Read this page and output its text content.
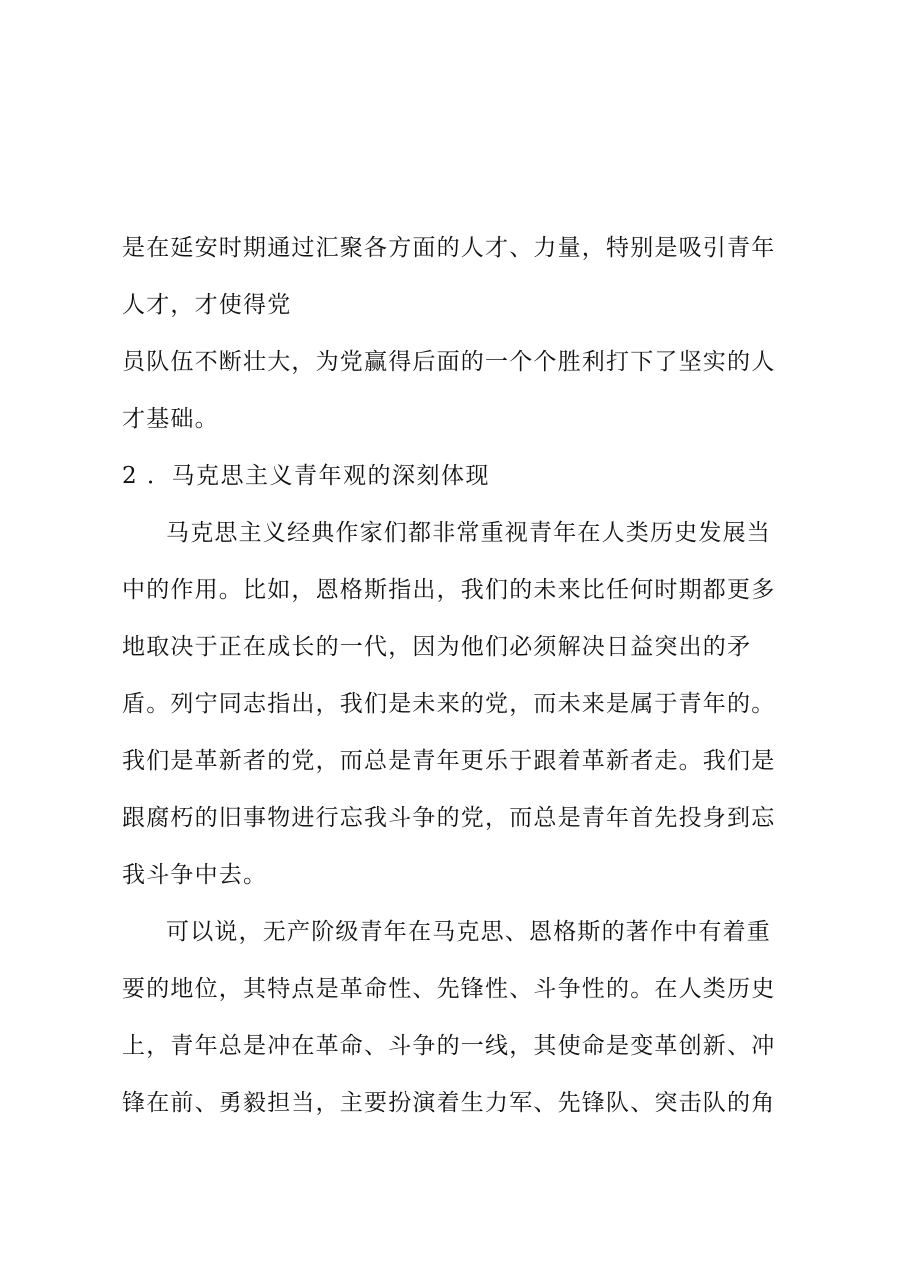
是在延安时期通过汇聚各方面的人才、力量，特别是吸引青年
人才，才使得党
员队伍不断壮大，为党赢得后面的一个个胜利打下了坚实的人
才基础。
2 ．马克思主义青年观的深刻体现
马克思主义经典作家们都非常重视青年在人类历史发展当
中的作用。比如，恩格斯指出，我们的未来比任何时期都更多
地取决于正在成长的一代，因为他们必须解决日益突出的矛
盾。列宁同志指出，我们是未来的党，而未来是属于青年的。
我们是革新者的党，而总是青年更乐于跟着革新者走。我们是
跟腐朽的旧事物进行忘我斗争的党，而总是青年首先投身到忘
我斗争中去。
可以说，无产阶级青年在马克思、恩格斯的著作中有着重
要的地位，其特点是革命性、先锋性、斗争性的。在人类历史
上，青年总是冲在革命、斗争的一线，其使命是变革创新、冲
锋在前、勇毅担当，主要扮演着生力军、先锋队、突击队的角
